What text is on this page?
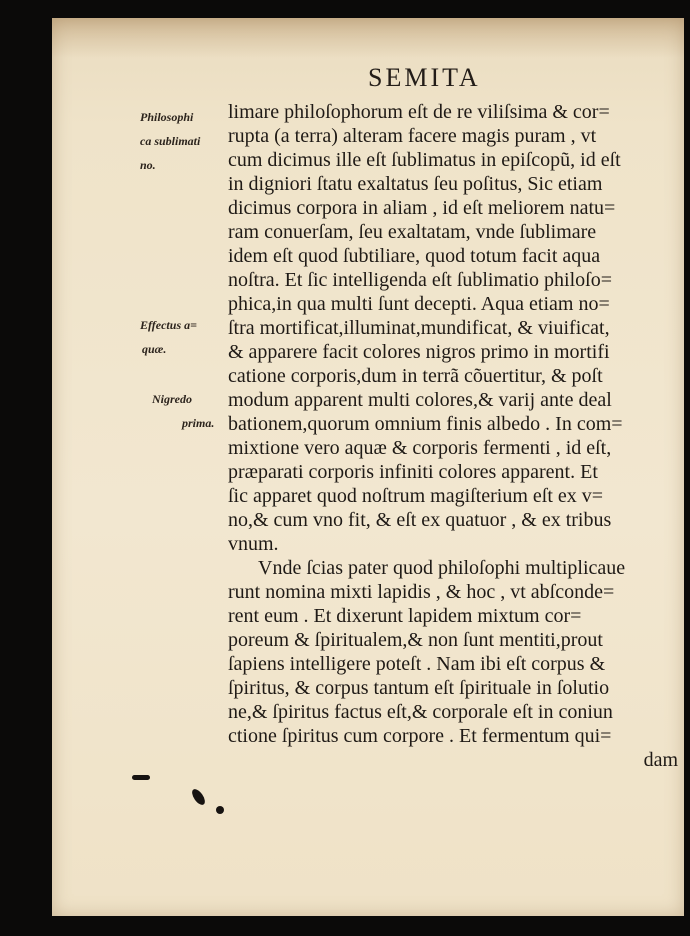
SEMITA
Philosophi
ca sublimati
no.
Effectus a=
quæ.
Nigredo
prima.
limare philoſophorum eſt de re viliſsima & cor=
rupta (a terra) alteram facere magis puram , vt
cum dicimus ille eſt ſublimatus in epiſcopũ, id eſt
in digniori ſtatu exaltatus ſeu poſitus, Sic etiam
dicimus corpora in aliam , id eſt meliorem natu=
ram conuerſam, ſeu exaltatam, vnde ſublimare
idem eſt quod ſubtiliare, quod totum facit aqua
noſtra. Et ſic intelligenda eſt ſublimatio philoſo=
phica,in qua multi ſunt decepti. Aqua etiam no=
ſtra mortificat,illuminat,mundificat, & viuificat,
& apparere facit colores nigros primo in mortifi
catione corporis,dum in terrã cõuertitur, & poſt
modum apparent multi colores,& varij ante deal
bationem,quorum omnium finis albedo . In com=
mixtione vero aquæ & corporis fermenti , id eſt,
præparati corporis infiniti colores apparent. Et
ſic apparet quod noſtrum magiſterium eſt ex v=
no,& cum vno fit, & eſt ex quatuor , & ex tribus
vnum.
Vnde ſcias pater quod philoſophi multiplicaue
runt nomina mixti lapidis , & hoc , vt abſconde=
rent eum . Et dixerunt lapidem mixtum cor=
poreum & ſpiritualem,& non ſunt mentiti,prout
ſapiens intelligere poteſt . Nam ibi eſt corpus &
ſpiritus, & corpus tantum eſt ſpirituale in ſolutio
ne,& ſpiritus factus eſt,& corporale eſt in coniun
ctione ſpiritus cum corpore . Et fermentum qui=
dam
